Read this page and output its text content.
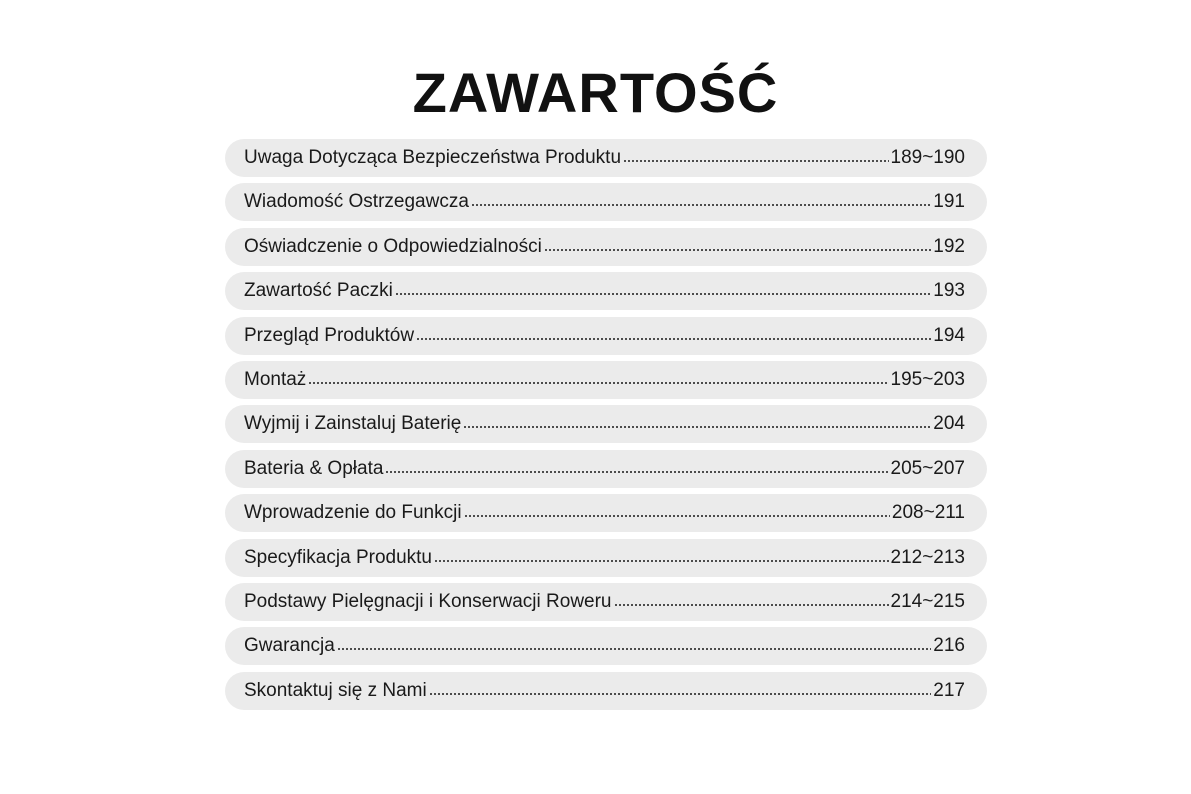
ZAWARTOŚĆ
Uwaga Dotycząca Bezpieczeństwa Produktu	189~190
Wiadomość Ostrzegawcza	191
Oświadczenie o Odpowiedzialności	192
Zawartość Paczki	193
Przegląd Produktów	194
Montaż	195~203
Wyjmij i Zainstaluj Baterię	204
Bateria & Opłata	205~207
Wprowadzenie do Funkcji	208~211
Specyfikacja Produktu	212~213
Podstawy Pielęgnacji i Konserwacji Roweru	214~215
Gwarancja	216
Skontaktuj się z Nami	217
